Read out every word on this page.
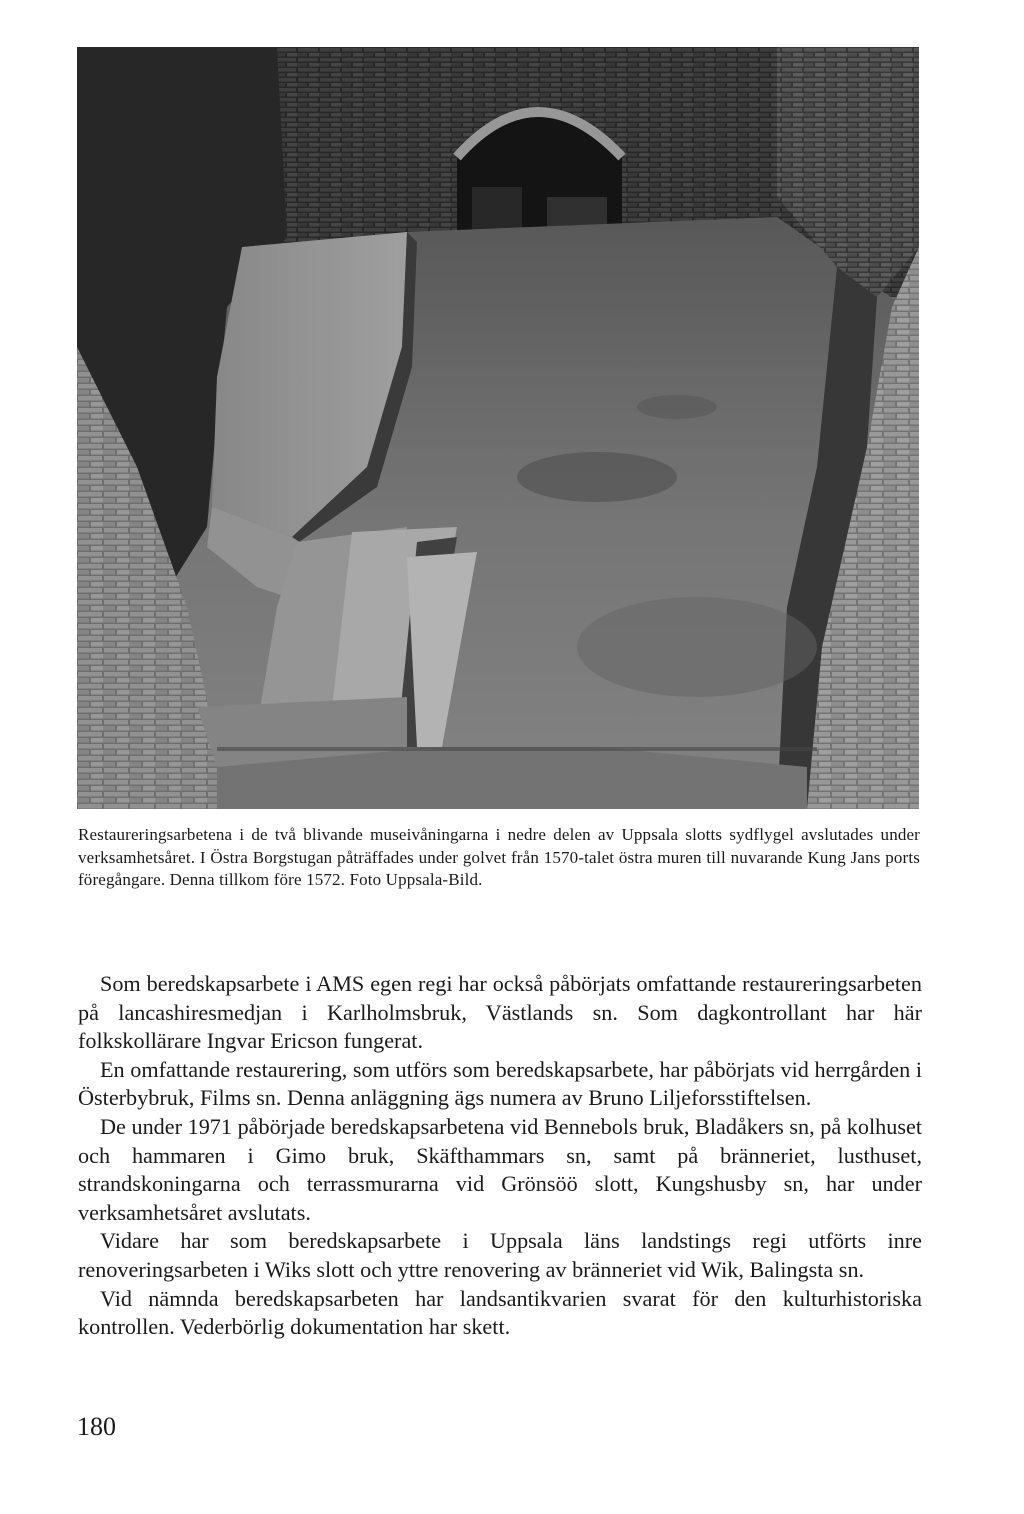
Restaureringsarbetena i de två blivande museivåningarna i nedre delen av Uppsala slotts sydflygel avslutades under verksamhetsåret. I Östra Borgstugan påträffades under golvet från 1570-talet östra muren till nuvarande Kung Jans ports föregångare. Denna tillkom före 1572. Foto Uppsala-Bild.

Som beredskapsarbete i AMS egen regi har också påbörjats omfattande restaureringsarbeten på lancashiresmedjan i Karlholmsbruk, Västlands sn. Som dagkontrollant har här folkskollärare Ingvar Ericson fungerat.

En omfattande restaurering, som utförs som beredskapsarbete, har påbörjats vid herrgården i Österbybruk, Films sn. Denna anläggning ägs numera av Bruno Liljeforsstiftelsen.

De under 1971 påbörjade beredskapsarbetena vid Bennebols bruk, Bladåkers sn, på kolhuset och hammaren i Gimo bruk, Skäfthammars sn, samt på bränneriet, lusthuset, strandskoningarna och terrassmurarna vid Grönsöö slott, Kungshusby sn, har under verksamhetsåret avslutats.

Vidare har som beredskapsarbete i Uppsala läns landstings regi utförts inre renoveringsarbeten i Wiks slott och yttre renovering av bränneriet vid Wik, Balingsta sn.

Vid nämnda beredskapsarbeten har landsantikvarien svarat för den kulturhistoriska kontrollen. Vederbörlig dokumentation har skett.

180
